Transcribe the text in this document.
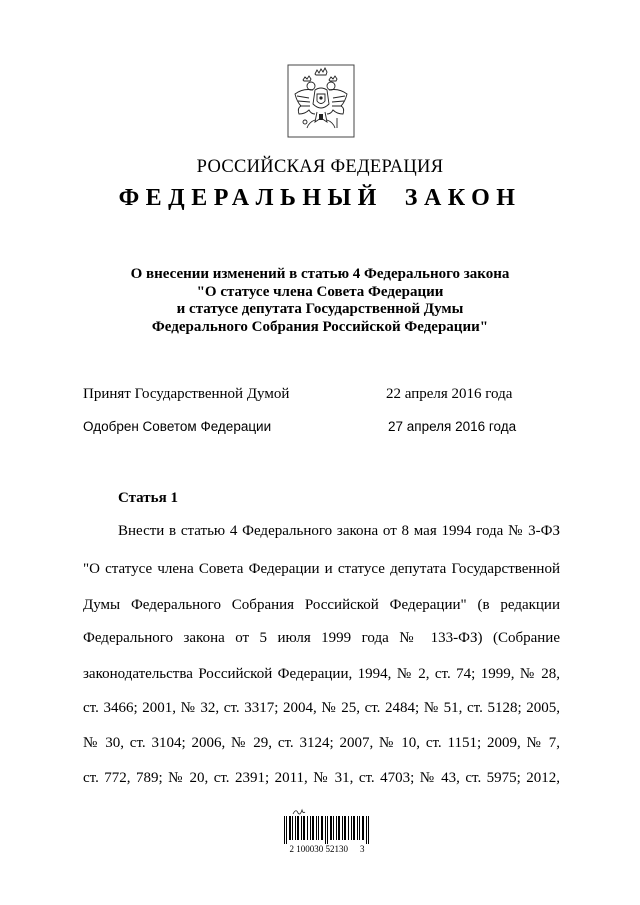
РОССИЙСКАЯ ФЕДЕРАЦИЯ
ФЕДЕРАЛЬНЫЙ ЗАКОН
О внесении изменений в статью 4 Федерального закона
"О статусе члена Совета Федерации
и статусе депутата Государственной Думы
Федерального Собрания Российской Федерации"
Принят Государственной Думой	22 апреля 2016 года
Одобрен Советом Федерации	27 апреля 2016 года
Статья 1
Внести в статью 4 Федерального закона от 8 мая 1994 года № 3-ФЗ
"О статусе члена Совета Федерации и статусе депутата Государственной
Думы Федерального Собрания Российской Федерации" (в редакции
Федерального закона от 5 июля 1999 года № 133-ФЗ) (Собрание
законодательства Российской Федерации, 1994, № 2, ст. 74; 1999, № 28,
ст. 3466; 2001, № 32, ст. 3317; 2004, № 25, ст. 2484; № 51, ст. 5128; 2005,
№ 30, ст. 3104; 2006, № 29, ст. 3124; 2007, № 10, ст. 1151; 2009, № 7,
ст. 772, 789; № 20, ст. 2391; 2011, № 31, ст. 4703; № 43, ст. 5975; 2012,
2 100030 52130 3
